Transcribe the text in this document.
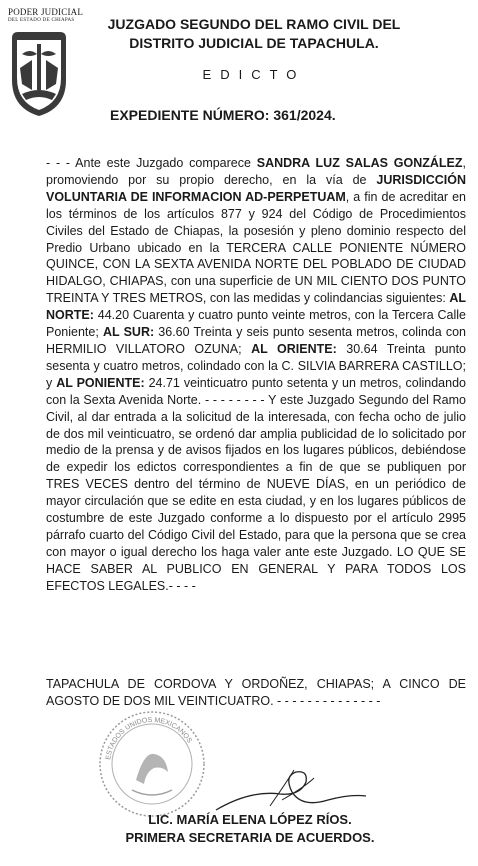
PODER JUDICIAL
DEL ESTADO DE CHIAPAS JUZGADO SEGUNDO DEL RAMO CIVIL DEL
DISTRITO JUDICIAL DE TAPACHULA.
EDICTO
EXPEDIENTE NÚMERO: 361/2024.

- - - Ante este Juzgado comparece SANDRA LUZ SALAS GONZÁLEZ, promoviendo por su propio derecho, en la vía de JURISDICCIÓN VOLUNTARIA DE INFORMACION AD-PERPETUAM, a fin de acreditar en los términos de los artículos 877 y 924 del Código de Procedimientos Civiles del Estado de Chiapas, la posesión y pleno dominio respecto del Predio Urbano ubicado en la TERCERA CALLE PONIENTE NÚMERO QUINCE, CON LA SEXTA AVENIDA NORTE DEL POBLADO DE CIUDAD HIDALGO, CHIAPAS, con una superficie de UN MIL CIENTO DOS PUNTO TREINTA Y TRES METROS, con las medidas y colindancias siguientes: AL NORTE: 44.20 Cuarenta y cuatro punto veinte metros, con la Tercera Calle Poniente; AL SUR: 36.60 Treinta y seis punto sesenta metros, colinda con HERMILIO VILLATORO OZUNA; AL ORIENTE: 30.64 Treinta punto sesenta y cuatro metros, colindado con la C. SILVIA BARRERA CASTILLO; y AL PONIENTE: 24.71 veinticuatro punto setenta y un metros, colindando con la Sexta Avenida Norte. - - - - - - - - Y este Juzgado Segundo del Ramo Civil, al dar entrada a la solicitud de la interesada, con fecha ocho de julio de dos mil veinticuatro, se ordenó dar amplia publicidad de lo solicitado por medio de la prensa y de avisos fijados en los lugares públicos, debiéndose de expedir los edictos correspondientes a fin de que se publiquen por TRES VECES dentro del término de NUEVE DÍAS, en un periódico de mayor circulación que se edite en esta ciudad, y en los lugares públicos de costumbre de este Juzgado conforme a lo dispuesto por el artículo 2995 párrafo cuarto del Código Civil del Estado, para que la persona que se crea con mayor o igual derecho los haga valer ante este Juzgado. LO QUE SE HACE SABER AL PUBLICO EN GENERAL Y PARA TODOS LOS EFECTOS LEGALES.- - - -

TAPACHULA DE CORDOVA Y ORDOÑEZ, CHIAPAS; A CINCO DE AGOSTO DE DOS MIL VEINTICUATRO. - - - - - - - - - - - - - -
ESTADOS UNIDOS MEXICANOS
LIC. MARÍA ELENA LÓPEZ RÍOS.
PRIMERA SECRETARIA DE ACUERDOS.
